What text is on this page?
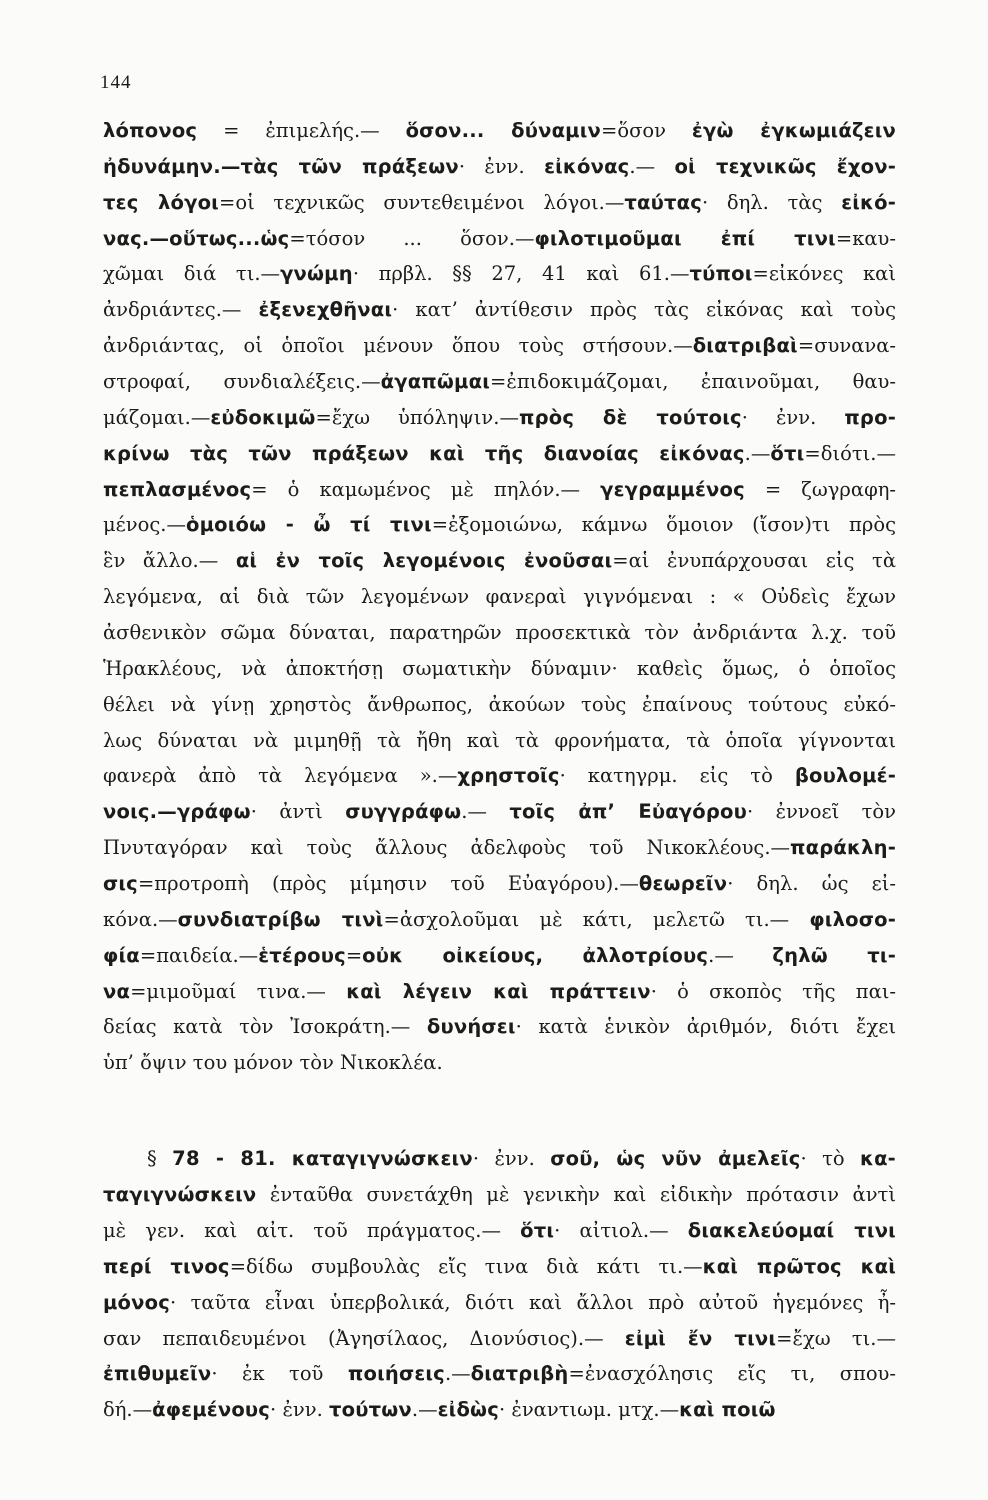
144
λόπονος = ἐπιμελής.— ὅσον... δύναμιν=ὅσον ἐγὼ ἐγκωμιάζειν
ἠδυνάμην.—τὰς τῶν πράξεων· ἐνν. εἰκόνας.— οἱ τεχνικῶς ἔχον-
τες λόγοι=οἱ τεχνικῶς συντεθειμένοι λόγοι.—ταύτας· δηλ. τὰς εἰκό-
νας.—οὕτως...ὡς=τόσον ... ὅσον.—φιλοτιμοῦμαι ἐπί τινι=καυ-
χῶμαι διά τι.—γνώμη· πρβλ. §§ 27, 41 καὶ 61.—τύποι=εἰκόνες καὶ
ἀνδριάντες.— ἐξενεχθῆναι· κατ’ ἀντίθεσιν πρὸς τὰς εἰκόνας καὶ τοὺς
ἀνδριάντας, οἱ ὁποῖοι μένουν ὅπου τοὺς στήσουν.—διατριβαὶ=συνανα-
στροφαί, συνδιαλέξεις.—ἀγαπῶμαι=ἐπιδοκιμάζομαι, ἐπαινοῦμαι, θαυ-
μάζομαι.—εὐδοκιμῶ=ἔχω ὑπόληψιν.—πρὸς δὲ τούτοις· ἐνν. προ-
κρίνω τὰς τῶν πράξεων καὶ τῆς διανοίας εἰκόνας.—ὅτι=διότι.—
πεπλασμένος= ὁ καμωμένος μὲ πηλόν.— γεγραμμένος = ζωγραφη-
μένος.—ὁμοιόω - ὦ τί τινι=ἐξομοιώνω, κάμνω ὅμοιον (ἴσον)τι πρὸς
ἓν ἄλλο.— αἱ ἐν τοῖς λεγομένοις ἐνοῦσαι=αἱ ἐνυπάρχουσαι εἰς τὰ
λεγόμενα, αἱ διὰ τῶν λεγομένων φανεραὶ γιγνόμεναι : « Οὐδεὶς ἔχων
ἀσθενικὸν σῶμα δύναται, παρατηρῶν προσεκτικὰ τὸν ἀνδριάντα λ.χ. τοῦ
Ἡρακλέους, νὰ ἀποκτήσῃ σωματικὴν δύναμιν· καθεὶς ὅμως, ὁ ὁποῖος
θέλει νὰ γίνῃ χρηστὸς ἄνθρωπος, ἀκούων τοὺς ἐπαίνους τούτους εὐκό-
λως δύναται νὰ μιμηθῇ τὰ ἤθη καὶ τὰ φρονήματα, τὰ ὁποῖα γίγνονται
φανερὰ ἀπὸ τὰ λεγόμενα ».—χρηστοῖς· κατηγρμ. εἰς τὸ βουλομέ-
νοις.—γράφω· ἀντὶ συγγράφω.— τοῖς ἀπ’ Εὐαγόρου· ἐννοεῖ τὸν
Πνυταγόραν καὶ τοὺς ἄλλους ἀδελφοὺς τοῦ Νικοκλέους.—παράκλη-
σις=προτροπὴ (πρὸς μίμησιν τοῦ Εὐαγόρου).—θεωρεῖν· δηλ. ὡς εἰ-
κόνα.—συνδιατρίβω τινὶ=ἀσχολοῦμαι μὲ κάτι, μελετῶ τι.— φιλοσο-
φία=παιδεία.—ἑτέρους=οὐκ οἰκείους, ἀλλοτρίους.— ζηλῶ τι-
να=μιμοῦμαί τινα.— καὶ λέγειν καὶ πράττειν· ὁ σκοπὸς τῆς παι-
δείας κατὰ τὸν Ἰσοκράτη.— δυνήσει· κατὰ ἑνικὸν ἀριθμόν, διότι ἔχει
ὑπ’ ὄψιν του μόνον τὸν Νικοκλέα.
§ 78 - 81. καταγιγνώσκειν· ἐνν. σοῦ, ὡς νῦν ἀμελεῖς· τὸ κα-
ταγιγνώσκειν ἐνταῦθα συνετάχθη μὲ γενικὴν καὶ εἰδικὴν πρότασιν ἀντὶ
μὲ γεν. καὶ αἰτ. τοῦ πράγματος.— ὅτι· αἰτιολ.— διακελεύομαί τινι
περί τινος=δίδω συμβουλὰς εἴς τινα διὰ κάτι τι.—καὶ πρῶτος καὶ
μόνος· ταῦτα εἶναι ὑπερβολικά, διότι καὶ ἄλλοι πρὸ αὐτοῦ ἡγεμόνες ἦ-
σαν πεπαιδευμένοι (Ἀγησίλαος, Διονύσιος).— εἰμὶ ἔν τινι=ἔχω τι.—
ἐπιθυμεῖν· ἐκ τοῦ ποιήσεις.—διατριβὴ=ἐνασχόλησις εἴς τι, σπου-
δή.—ἀφεμένους· ἐνν. τούτων.—εἰδὼς· ἐναντιωμ. μτχ.—καὶ ποιῶ
